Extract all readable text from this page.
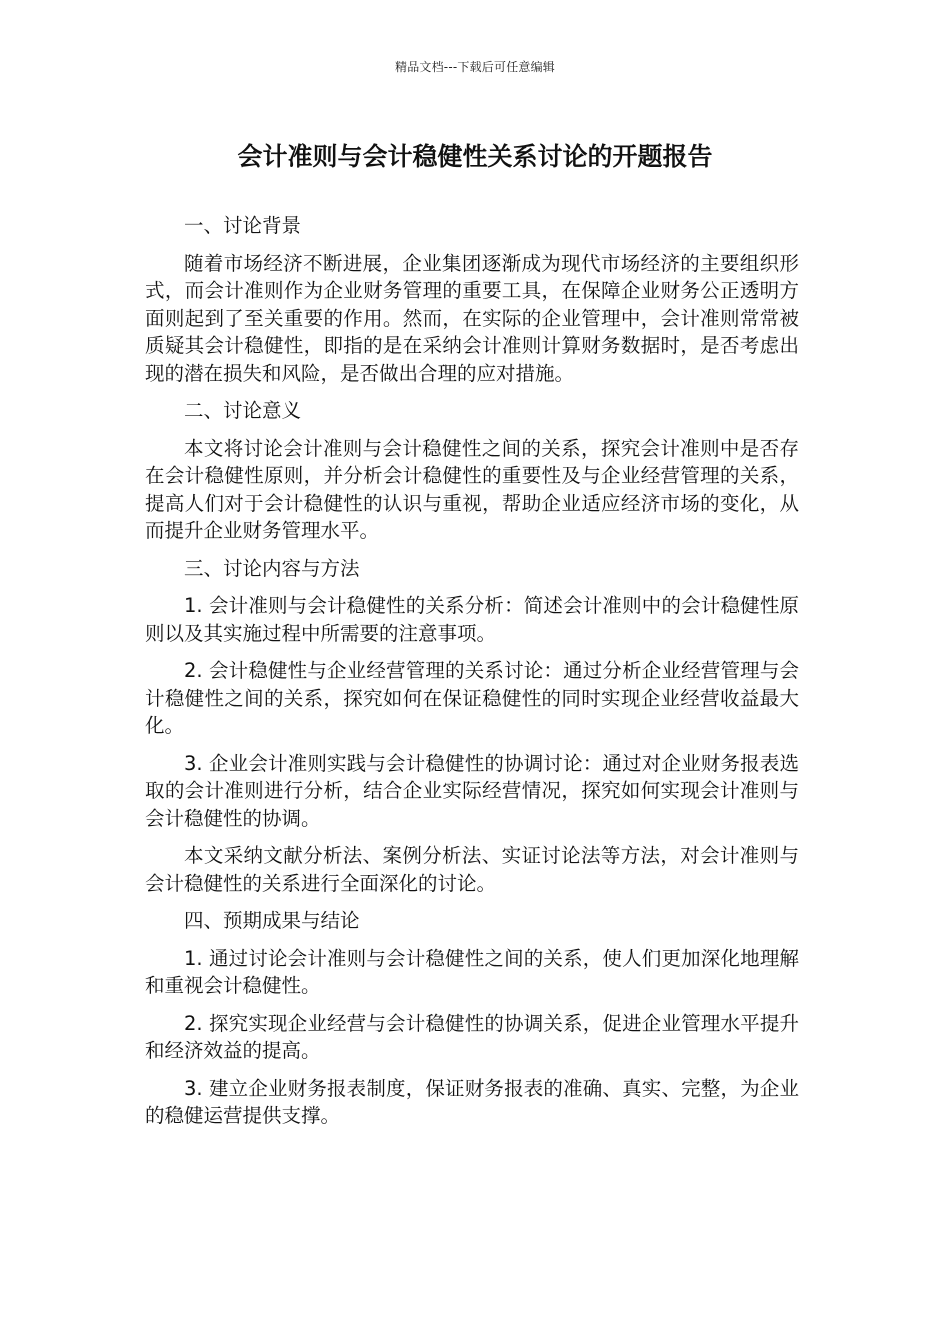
精品文档---下载后可任意编辑
会计准则与会计稳健性关系讨论的开题报告

一、讨论背景

随着市场经济不断进展，企业集团逐渐成为现代市场经济的主要组织形式，而会计准则作为企业财务管理的重要工具，在保障企业财务公正透明方面则起到了至关重要的作用。然而，在实际的企业管理中，会计准则常常被质疑其会计稳健性，即指的是在采纳会计准则计算财务数据时，是否考虑出现的潜在损失和风险，是否做出合理的应对措施。

二、讨论意义

本文将讨论会计准则与会计稳健性之间的关系，探究会计准则中是否存在会计稳健性原则，并分析会计稳健性的重要性及与企业经营管理的关系，提高人们对于会计稳健性的认识与重视，帮助企业适应经济市场的变化，从而提升企业财务管理水平。

三、讨论内容与方法

1. 会计准则与会计稳健性的关系分析：简述会计准则中的会计稳健性原则以及其实施过程中所需要的注意事项。

2. 会计稳健性与企业经营管理的关系讨论：通过分析企业经营管理与会计稳健性之间的关系，探究如何在保证稳健性的同时实现企业经营收益最大化。

3. 企业会计准则实践与会计稳健性的协调讨论：通过对企业财务报表选取的会计准则进行分析，结合企业实际经营情况，探究如何实现会计准则与会计稳健性的协调。

本文采纳文献分析法、案例分析法、实证讨论法等方法，对会计准则与会计稳健性的关系进行全面深化的讨论。

四、预期成果与结论

1. 通过讨论会计准则与会计稳健性之间的关系，使人们更加深化地理解和重视会计稳健性。

2. 探究实现企业经营与会计稳健性的协调关系，促进企业管理水平提升和经济效益的提高。

3. 建立企业财务报表制度，保证财务报表的准确、真实、完整，为企业的稳健运营提供支撑。
